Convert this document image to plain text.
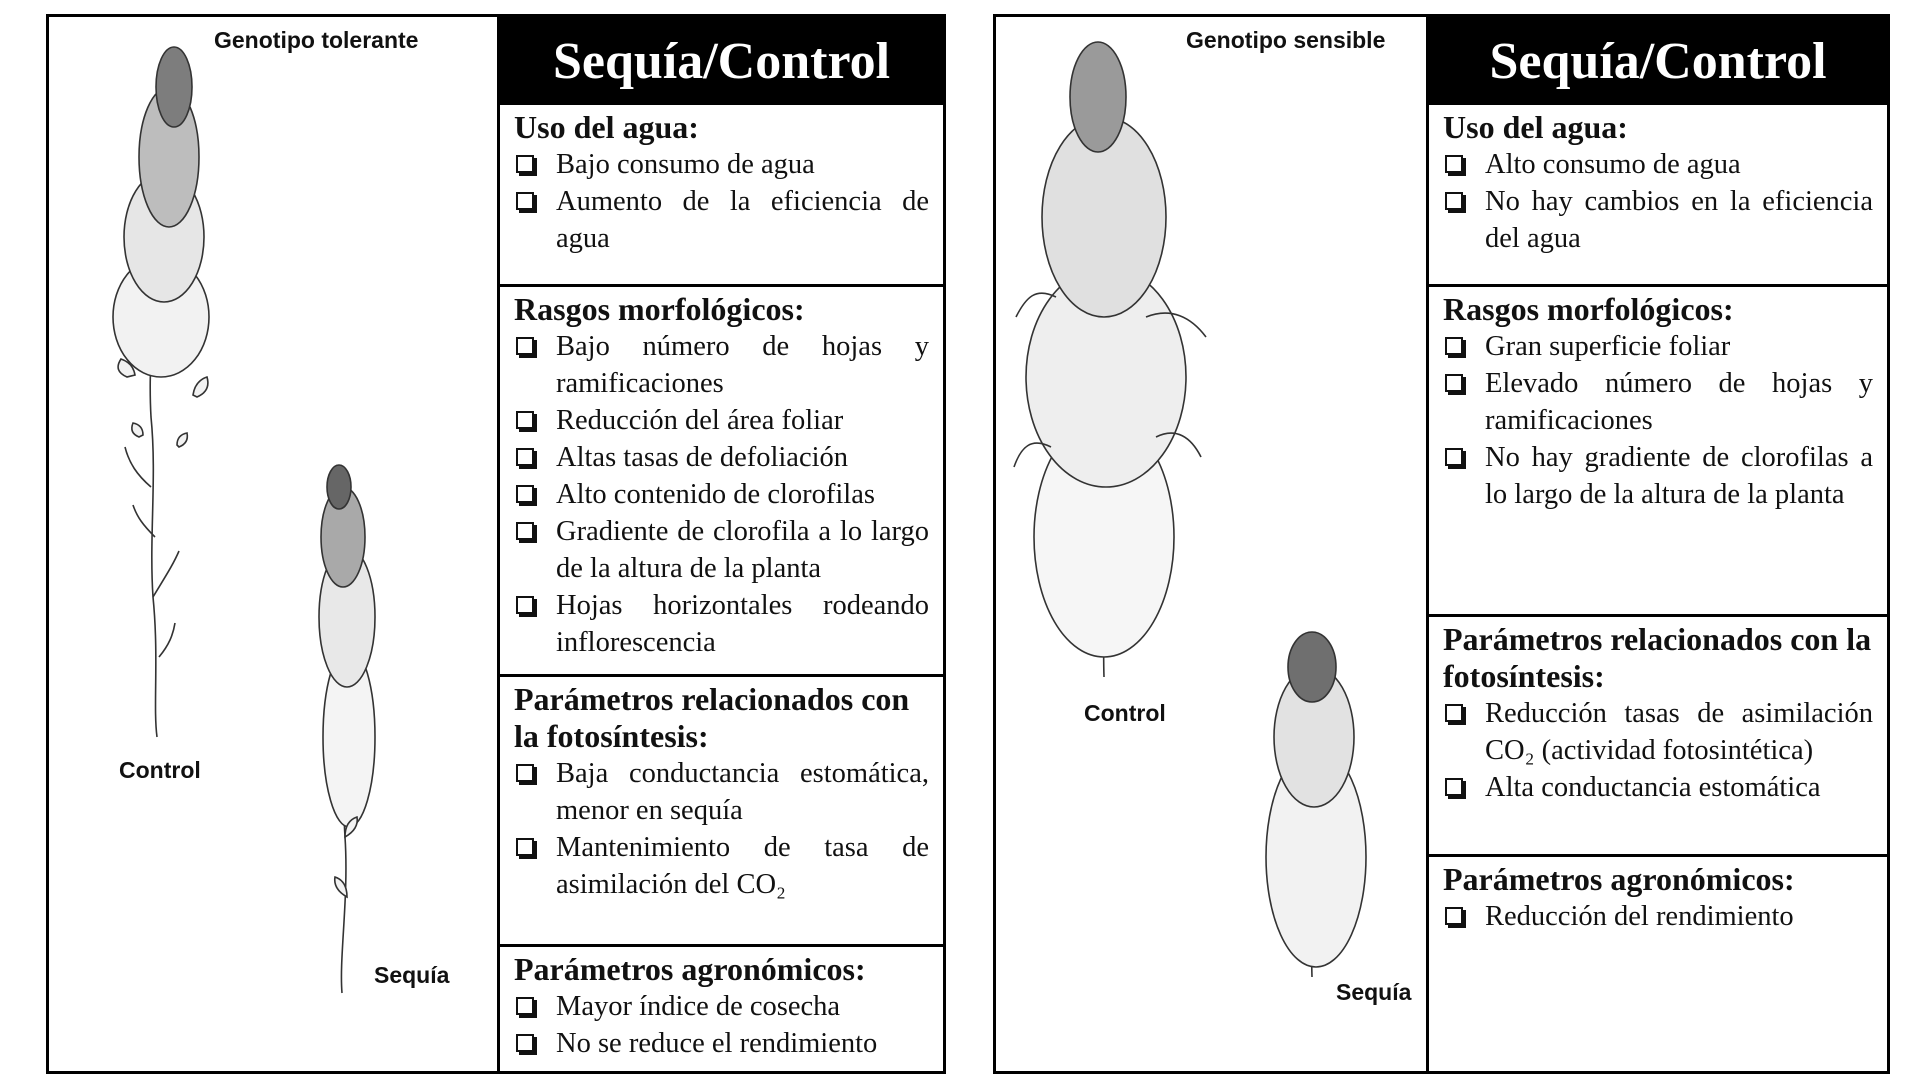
Genotipo tolerante
Control
Sequía
Sequía/Control
Uso del agua:
Bajo consumo de agua
Aumento de la eficiencia de agua
Rasgos morfológicos:
Bajo número de hojas y ramificaciones
Reducción del área foliar
Altas tasas de defoliación
Alto contenido de clorofilas
Gradiente de clorofila a lo largo de la altura de la planta
Hojas horizontales rodeando inflorescencia
Parámetros relacionados con la fotosíntesis:
Baja conductancia estomática, menor en sequía
Mantenimiento de tasa de asimilación del CO₂
Parámetros agronómicos:
Mayor índice de cosecha
No se reduce el rendimiento
Genotipo sensible
Control
Sequía
Sequía/Control
Uso del agua:
Alto consumo de agua
No hay cambios en la eficiencia del agua
Rasgos morfológicos:
Gran superficie foliar
Elevado número de hojas y ramificaciones
No hay gradiente de clorofilas a lo largo de la altura de la planta
Parámetros relacionados con la fotosíntesis:
Reducción tasas de asimilación CO₂ (actividad fotosintética)
Alta conductancia estomática
Parámetros agronómicos:
Reducción del rendimiento
